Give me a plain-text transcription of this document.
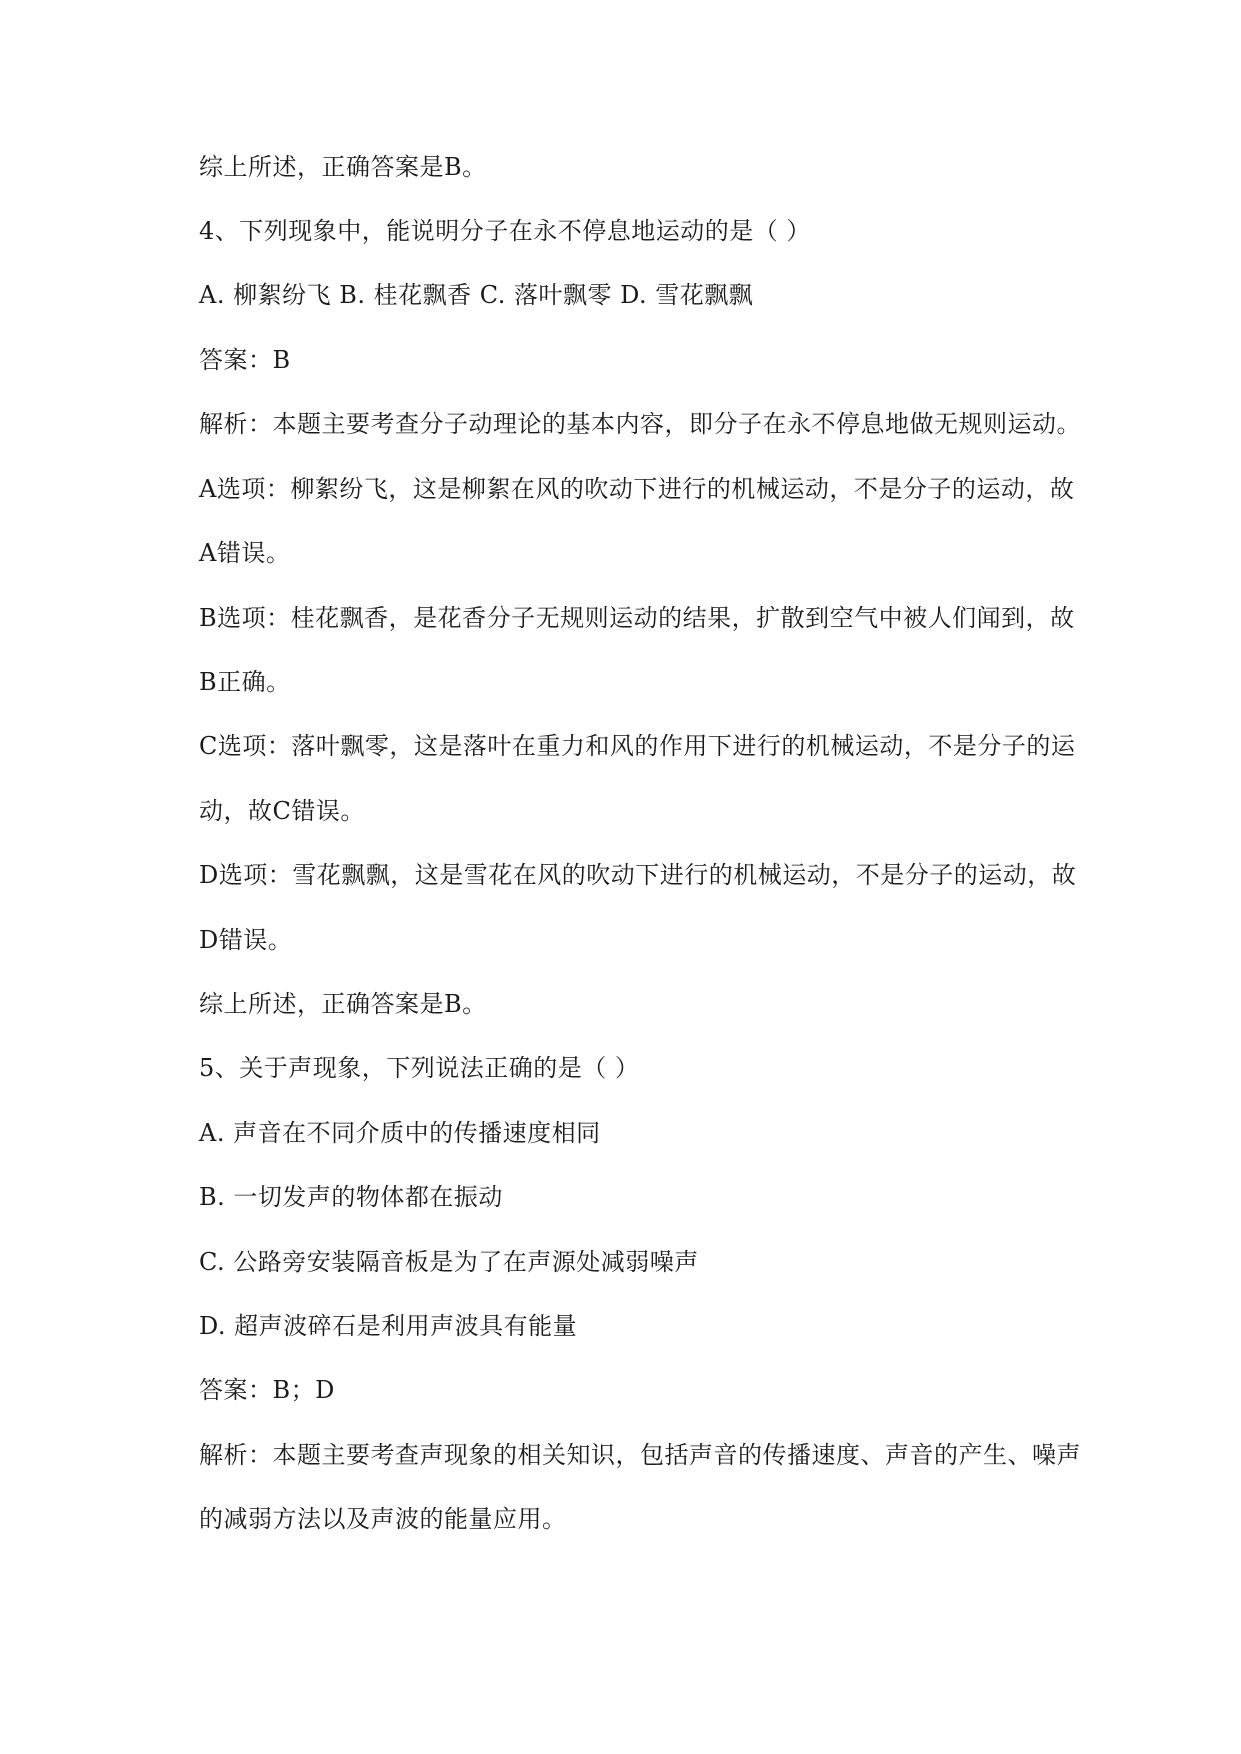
综上所述，正确答案是B。
4、下列现象中，能说明分子在永不停息地运动的是（ ）
A. 柳絮纷飞 B. 桂花飘香 C. 落叶飘零 D. 雪花飘飘
答案：B
解析：本题主要考查分子动理论的基本内容，即分子在永不停息地做无规则运动。
A选项：柳絮纷飞，这是柳絮在风的吹动下进行的机械运动，不是分子的运动，故
A错误。
B选项：桂花飘香，是花香分子无规则运动的结果，扩散到空气中被人们闻到，故
B正确。
C选项：落叶飘零，这是落叶在重力和风的作用下进行的机械运动，不是分子的运
动，故C错误。
D选项：雪花飘飘，这是雪花在风的吹动下进行的机械运动，不是分子的运动，故
D错误。
综上所述，正确答案是B。
5、关于声现象，下列说法正确的是（ ）
A. 声音在不同介质中的传播速度相同
B. 一切发声的物体都在振动
C. 公路旁安装隔音板是为了在声源处减弱噪声
D. 超声波碎石是利用声波具有能量
答案：B；D
解析：本题主要考查声现象的相关知识，包括声音的传播速度、声音的产生、噪声
的减弱方法以及声波的能量应用。
